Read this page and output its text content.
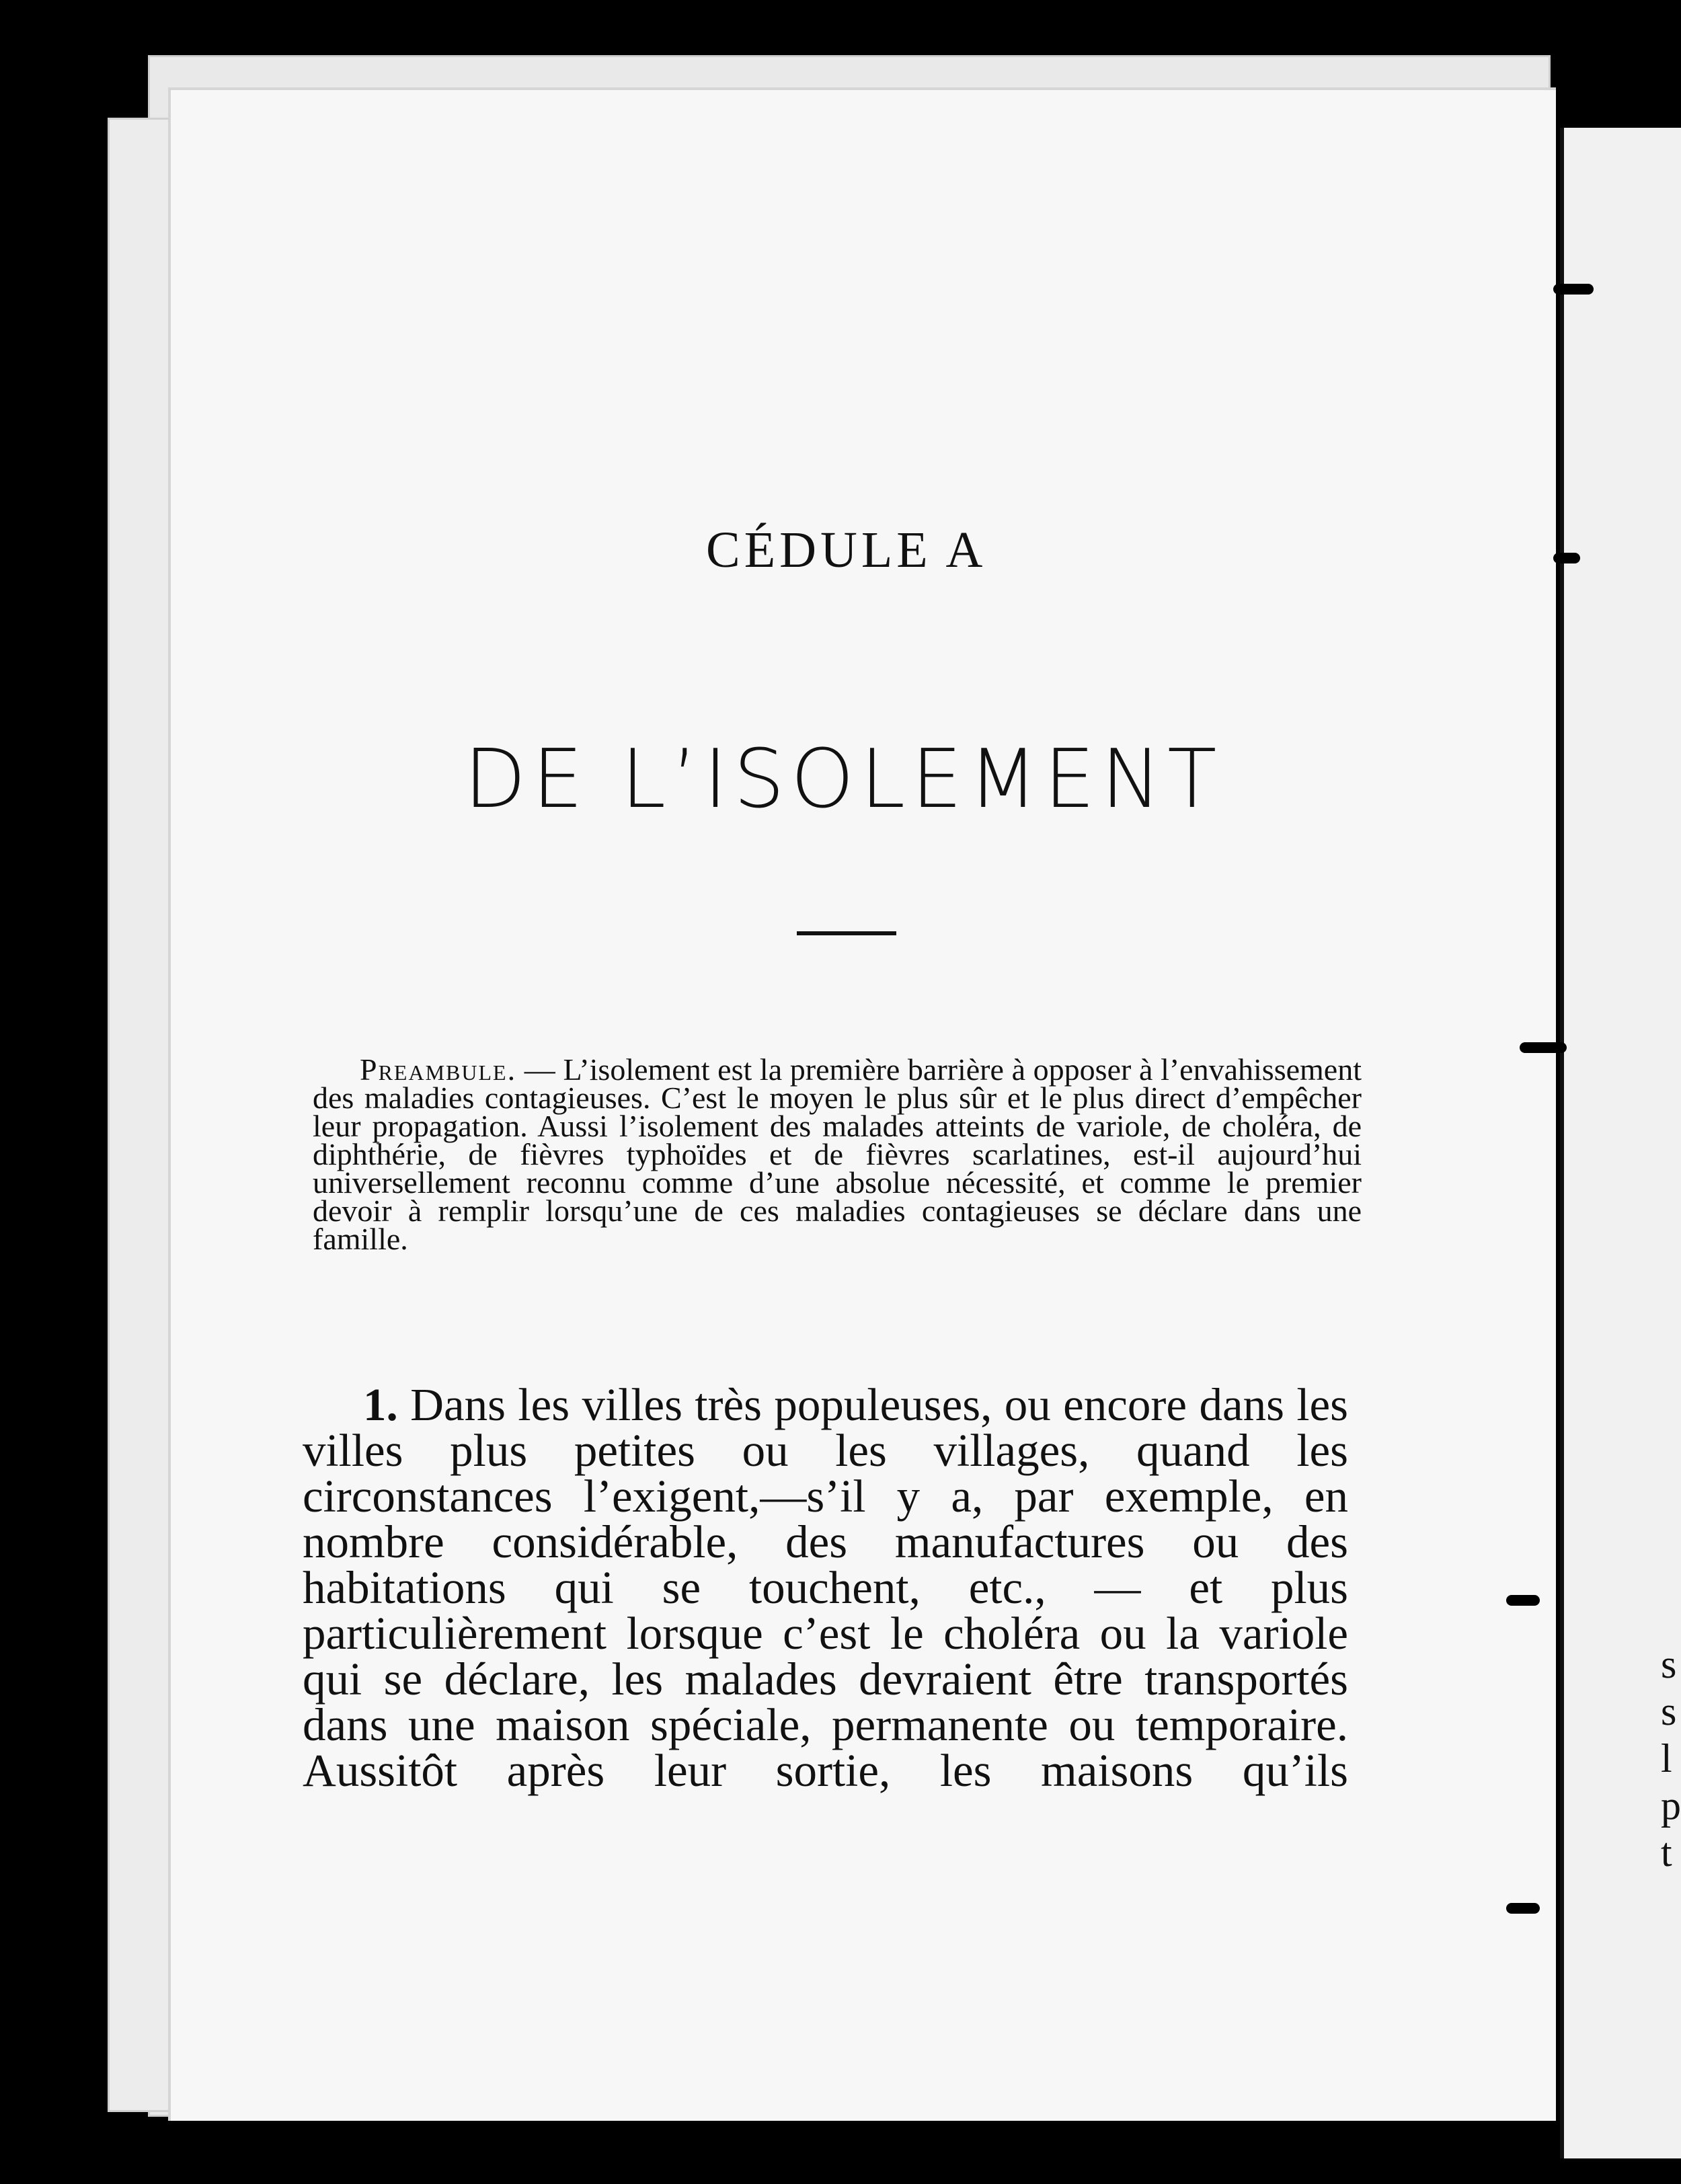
s
s
l
p
t
CÉDULE A
DE L’ISOLEMENT
Preambule. — L’isolement est la première barrière à opposer à l’envahissement des maladies contagieuses. C’est le moyen le plus sûr et le plus direct d’empêcher leur propagation. Aussi l’isolement des malades atteints de variole, de choléra, de diphthérie, de fièvres typhoïdes et de fièvres scarlatines, est-il aujourd’hui universellement reconnu comme d’une absolue nécessité, et comme le premier devoir à remplir lorsqu’une de ces maladies contagieuses se déclare dans une famille.
1. Dans les villes très populeuses, ou encore dans les villes plus petites ou les villages, quand les circonstances l’exigent,—s’il y a, par exemple, en nombre considérable, des manufactures ou des habitations qui se touchent, etc., — et plus particulièrement lorsque c’est le choléra ou la variole qui se déclare, les malades devraient être transportés dans une maison spéciale, permanente ou temporaire. Aussitôt après leur sortie, les maisons qu’ils
